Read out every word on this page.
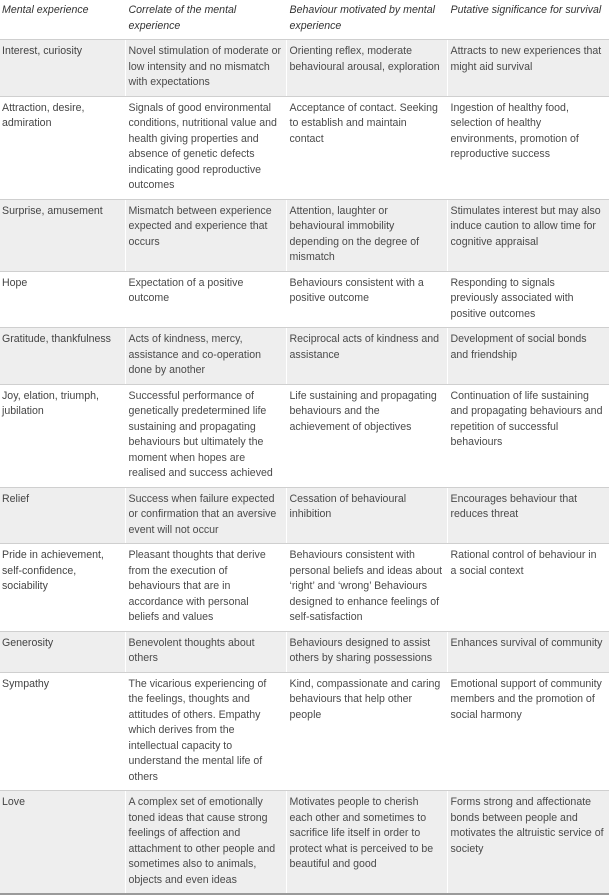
Mental experience	Correlate of the mental experience	Behaviour motivated by mental experience	Putative significance for survival
Interest, curiosity	Novel stimulation of moderate or low intensity and no mismatch with expectations	Orienting reflex, moderate behavioural arousal, exploration	Attracts to new experiences that might aid survival
Attraction, desire, admiration	Signals of good environmental conditions, nutritional value and health giving properties and absence of genetic defects indicating good reproductive outcomes	Acceptance of contact. Seeking to establish and maintain contact	Ingestion of healthy food, selection of healthy environments, promotion of reproductive success
Surprise, amusement	Mismatch between experience expected and experience that occurs	Attention, laughter or behavioural immobility depending on the degree of mismatch	Stimulates interest but may also induce caution to allow time for cognitive appraisal
Hope	Expectation of a positive outcome	Behaviours consistent with a positive outcome	Responding to signals previously associated with positive outcomes
Gratitude, thankfulness	Acts of kindness, mercy, assistance and co-operation done by another	Reciprocal acts of kindness and assistance	Development of social bonds and friendship
Joy, elation, triumph, jubilation	Successful performance of genetically predetermined life sustaining and propagating behaviours but ultimately the moment when hopes are realised and success achieved	Life sustaining and propagating behaviours and the achievement of objectives	Continuation of life sustaining and propagating behaviours and repetition of successful behaviours
Relief	Success when failure expected or confirmation that an aversive event will not occur	Cessation of behavioural inhibition	Encourages behaviour that reduces threat
Pride in achievement, self-confidence, sociability	Pleasant thoughts that derive from the execution of behaviours that are in accordance with personal beliefs and values	Behaviours consistent with personal beliefs and ideas about ‘right’ and ‘wrong’ Behaviours designed to enhance feelings of self-satisfaction	Rational control of behaviour in a social context
Generosity	Benevolent thoughts about others	Behaviours designed to assist others by sharing possessions	Enhances survival of community
Sympathy	The vicarious experiencing of the feelings, thoughts and attitudes of others. Empathy which derives from the intellectual capacity to understand the mental life of others	Kind, compassionate and caring behaviours that help other people	Emotional support of community members and the promotion of social harmony
Love	A complex set of emotionally toned ideas that cause strong feelings of affection and attachment to other people and sometimes also to animals, objects and even ideas	Motivates people to cherish each other and sometimes to sacrifice life itself in order to protect what is perceived to be beautiful and good	Forms strong and affectionate bonds between people and motivates the altruistic service of society
